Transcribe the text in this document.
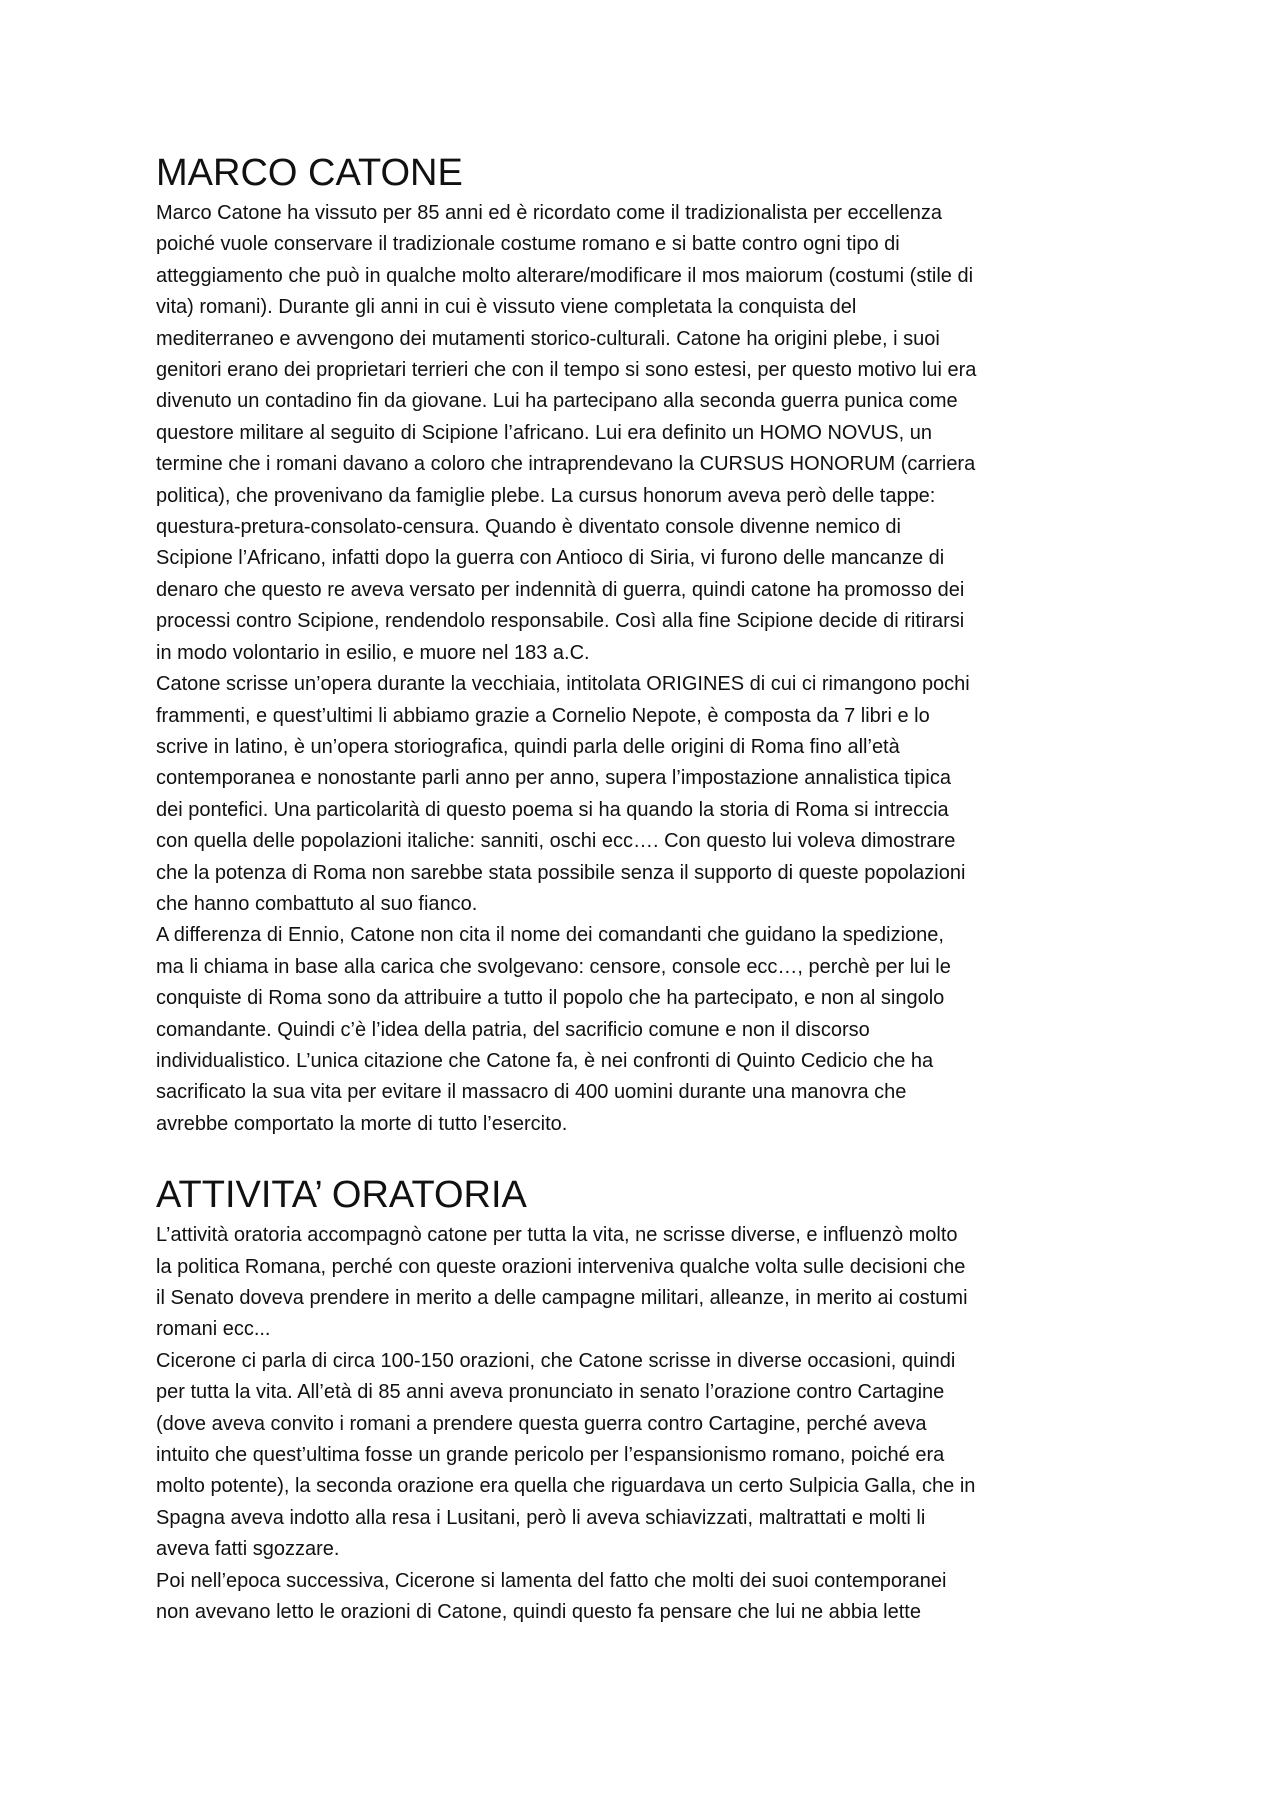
MARCO CATONE

Marco Catone ha vissuto per 85 anni ed è ricordato come il tradizionalista per eccellenza
poiché vuole conservare il tradizionale costume romano e si batte contro ogni tipo di
atteggiamento che può in qualche molto alterare/modificare il mos maiorum (costumi (stile di
vita) romani). Durante gli anni in cui è vissuto viene completata la conquista del
mediterraneo e avvengono dei mutamenti storico-culturali. Catone ha origini plebe, i suoi
genitori erano dei proprietari terrieri che con il tempo si sono estesi, per questo motivo lui era
divenuto un contadino fin da giovane. Lui ha partecipano alla seconda guerra punica come
questore militare al seguito di Scipione l’africano. Lui era definito un HOMO NOVUS, un
termine che i romani davano a coloro che intraprendevano la CURSUS HONORUM (carriera
politica), che provenivano da famiglie plebe. La cursus honorum aveva però delle tappe:
questura-pretura-consolato-censura. Quando è diventato console divenne nemico di
Scipione l’Africano, infatti dopo la guerra con Antioco di Siria, vi furono delle mancanze di
denaro che questo re aveva versato per indennità di guerra, quindi catone ha promosso dei
processi contro Scipione, rendendolo responsabile. Così alla fine Scipione decide di ritirarsi
in modo volontario in esilio, e muore nel 183 a.C.

Catone scrisse un’opera durante la vecchiaia, intitolata ORIGINES di cui ci rimangono pochi
frammenti, e quest’ultimi li abbiamo grazie a Cornelio Nepote, è composta da 7 libri e lo
scrive in latino, è un’opera storiografica, quindi parla delle origini di Roma fino all’età
contemporanea e nonostante parli anno per anno, supera l’impostazione annalistica tipica
dei pontefici. Una particolarità di questo poema si ha quando la storia di Roma si intreccia
con quella delle popolazioni italiche: sanniti, oschi ecc…. Con questo lui voleva dimostrare
che la potenza di Roma non sarebbe stata possibile senza il supporto di queste popolazioni
che hanno combattuto al suo fianco.

A differenza di Ennio, Catone non cita il nome dei comandanti che guidano la spedizione,
ma li chiama in base alla carica che svolgevano: censore, console ecc…, perchè per lui le
conquiste di Roma sono da attribuire a tutto il popolo che ha partecipato, e non al singolo
comandante. Quindi c’è l’idea della patria, del sacrificio comune e non il discorso
individualistico. L’unica citazione che Catone fa, è nei confronti di Quinto Cedicio che ha
sacrificato la sua vita per evitare il massacro di 400 uomini durante una manovra che
avrebbe comportato la morte di tutto l’esercito.

ATTIVITA’ ORATORIA

L’attività oratoria accompagnò catone per tutta la vita, ne scrisse diverse, e influenzò molto
la politica Romana, perché con queste orazioni interveniva qualche volta sulle decisioni che
il Senato doveva prendere in merito a delle campagne militari, alleanze, in merito ai costumi
romani ecc...

Cicerone ci parla di circa 100-150 orazioni, che Catone scrisse in diverse occasioni, quindi
per tutta la vita. All’età di 85 anni aveva pronunciato in senato l’orazione contro Cartagine
(dove aveva convito i romani a prendere questa guerra contro Cartagine, perché aveva
intuito che quest’ultima fosse un grande pericolo per l’espansionismo romano, poiché era
molto potente), la seconda orazione era quella che riguardava un certo Sulpicia Galla, che in
Spagna aveva indotto alla resa i Lusitani, però li aveva schiavizzati, maltrattati e molti li
aveva fatti sgozzare.

Poi nell’epoca successiva, Cicerone si lamenta del fatto che molti dei suoi contemporanei
non avevano letto le orazioni di Catone, quindi questo fa pensare che lui ne abbia lette
